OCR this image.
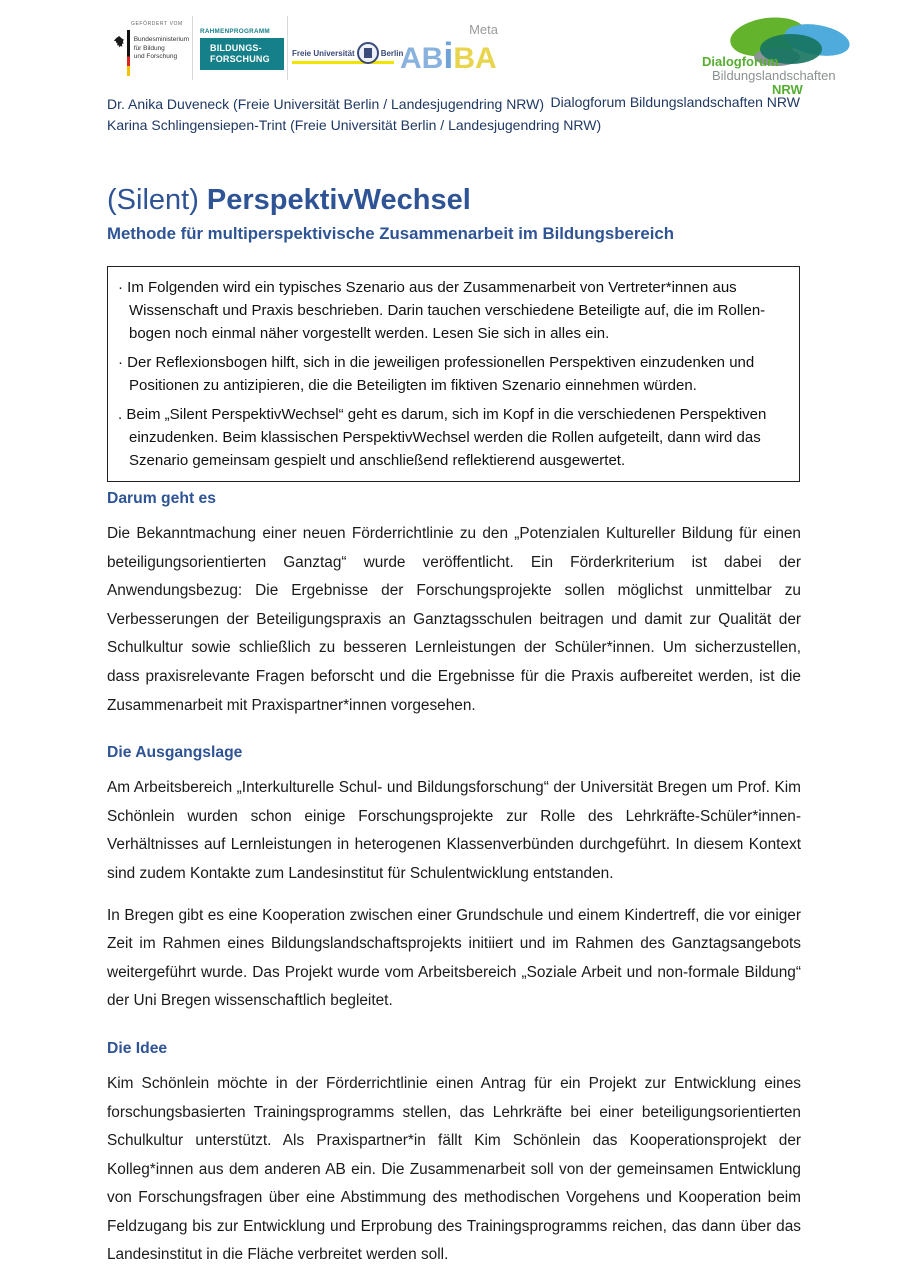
GEFÖRDERT VOM
Bundesministerium
für Bildung
und Forschung
RAHMENPROGRAMM
EMPIRISCHE BILDUNGS-
FORSCHUNG
Freie Universität	Berlin
Meta
ABiBA	Dialogforum
Bildungslandschaften
NRW
Dr. Anika Duveneck (Freie Universität Berlin / Landesjugendring NRW)
Karina Schlingensiepen-Trint (Freie Universität Berlin / Landesjugendring NRW)
Dialogforum Bildungslandschaften NRW
(Silent) PerspektivWechsel
Methode für multiperspektivische Zusammenarbeit im Bildungsbereich
· Im Folgenden wird ein typisches Szenario aus der Zusammenarbeit von Vertreter*innen aus Wissenschaft und Praxis beschrieben. Darin tauchen verschiedene Beteiligte auf, die im Rollenbogen noch einmal näher vorgestellt werden. Lesen Sie sich in alles ein.
· Der Reflexionsbogen hilft, sich in die jeweiligen professionellen Perspektiven einzudenken und Positionen zu antizipieren, die die Beteiligten im fiktiven Szenario einnehmen würden.
. Beim „Silent PerspektivWechsel“ geht es darum, sich im Kopf in die verschiedenen Perspektiven einzudenken. Beim klassischen PerspektivWechsel werden die Rollen aufgeteilt, dann wird das Szenario gemeinsam gespielt und anschließend reflektierend ausgewertet.
Darum geht es

Die Bekanntmachung einer neuen Förderrichtlinie zu den „Potenzialen Kultureller Bildung für einen beteiligungsorientierten Ganztag“ wurde veröffentlicht. Ein Förderkriterium ist dabei der Anwendungsbezug: Die Ergebnisse der Forschungsprojekte sollen möglichst unmittelbar zu Verbesserungen der Beteiligungspraxis an Ganztagsschulen beitragen und damit zur Qualität der Schulkultur sowie schließlich zu besseren Lernleistungen der Schüler*innen. Um sicherzustellen, dass praxisrelevante Fragen beforscht und die Ergebnisse für die Praxis aufbereitet werden, ist die Zusammenarbeit mit Praxispartner*innen vorgesehen.

Die Ausgangslage

Am Arbeitsbereich „Interkulturelle Schul- und Bildungsforschung“ der Universität Bregen um Prof. Kim Schönlein wurden schon einige Forschungsprojekte zur Rolle des Lehrkräfte-Schüler*innen-Verhältnisses auf Lernleistungen in heterogenen Klassenverbünden durchgeführt. In diesem Kontext sind zudem Kontakte zum Landesinstitut für Schulentwicklung entstanden.

In Bregen gibt es eine Kooperation zwischen einer Grundschule und einem Kindertreff, die vor einiger Zeit im Rahmen eines Bildungslandschaftsprojekts initiiert und im Rahmen des Ganztagsangebots weitergeführt wurde. Das Projekt wurde vom Arbeitsbereich „Soziale Arbeit und non-formale Bildung“ der Uni Bregen wissenschaftlich begleitet.

Die Idee

Kim Schönlein möchte in der Förderrichtlinie einen Antrag für ein Projekt zur Entwicklung eines forschungsbasierten Trainingsprogramms stellen, das Lehrkräfte bei einer beteiligungsorientierten Schulkultur unterstützt. Als Praxispartner*in fällt Kim Schönlein das Kooperationsprojekt der Kolleg*innen aus dem anderen AB ein. Die Zusammenarbeit soll von der gemeinsamen Entwicklung von Forschungsfragen über eine Abstimmung des methodischen Vorgehens und Kooperation beim Feldzugang bis zur Entwicklung und Erprobung des Trainingsprogramms reichen, das dann über das Landesinstitut in die Fläche verbreitet werden soll.
